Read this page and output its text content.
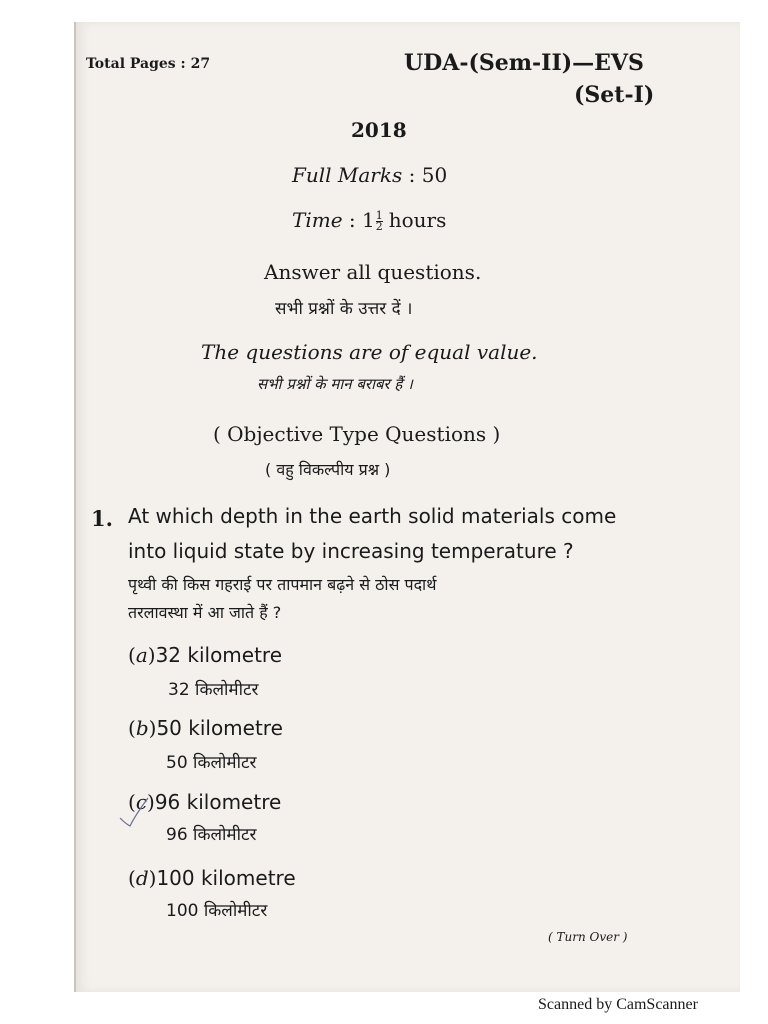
Total Pages : 27	UDA-(Sem-II)—EVS
(Set-I)
2018
Full Marks : 50
Time : $1 \frac{1}{2}$ hours
Answer all questions.
सभी प्रश्नों के उत्तर दें ।
The questions are of equal value.
सभी प्रश्नों के मान बराबर हैं ।
( Objective Type Questions )
( वहु विकल्पीय प्रश्न )
1. At which depth in the earth solid materials come
into liquid state by increasing temperature ?
पृथ्वी की किस गहराई पर तापमान बढ़ने से ठोस पदार्थ
तरलावस्था में आ जाते हैं ?
(a)32 kilometre
32 किलोमीटर
(b)50 kilometre
50 किलोमीटर
(c)96 kilometre
96 किलोमीटर
(d)100 kilometre
100 किलोमीटर
( Turn Over )
Scanned by CamScanner
